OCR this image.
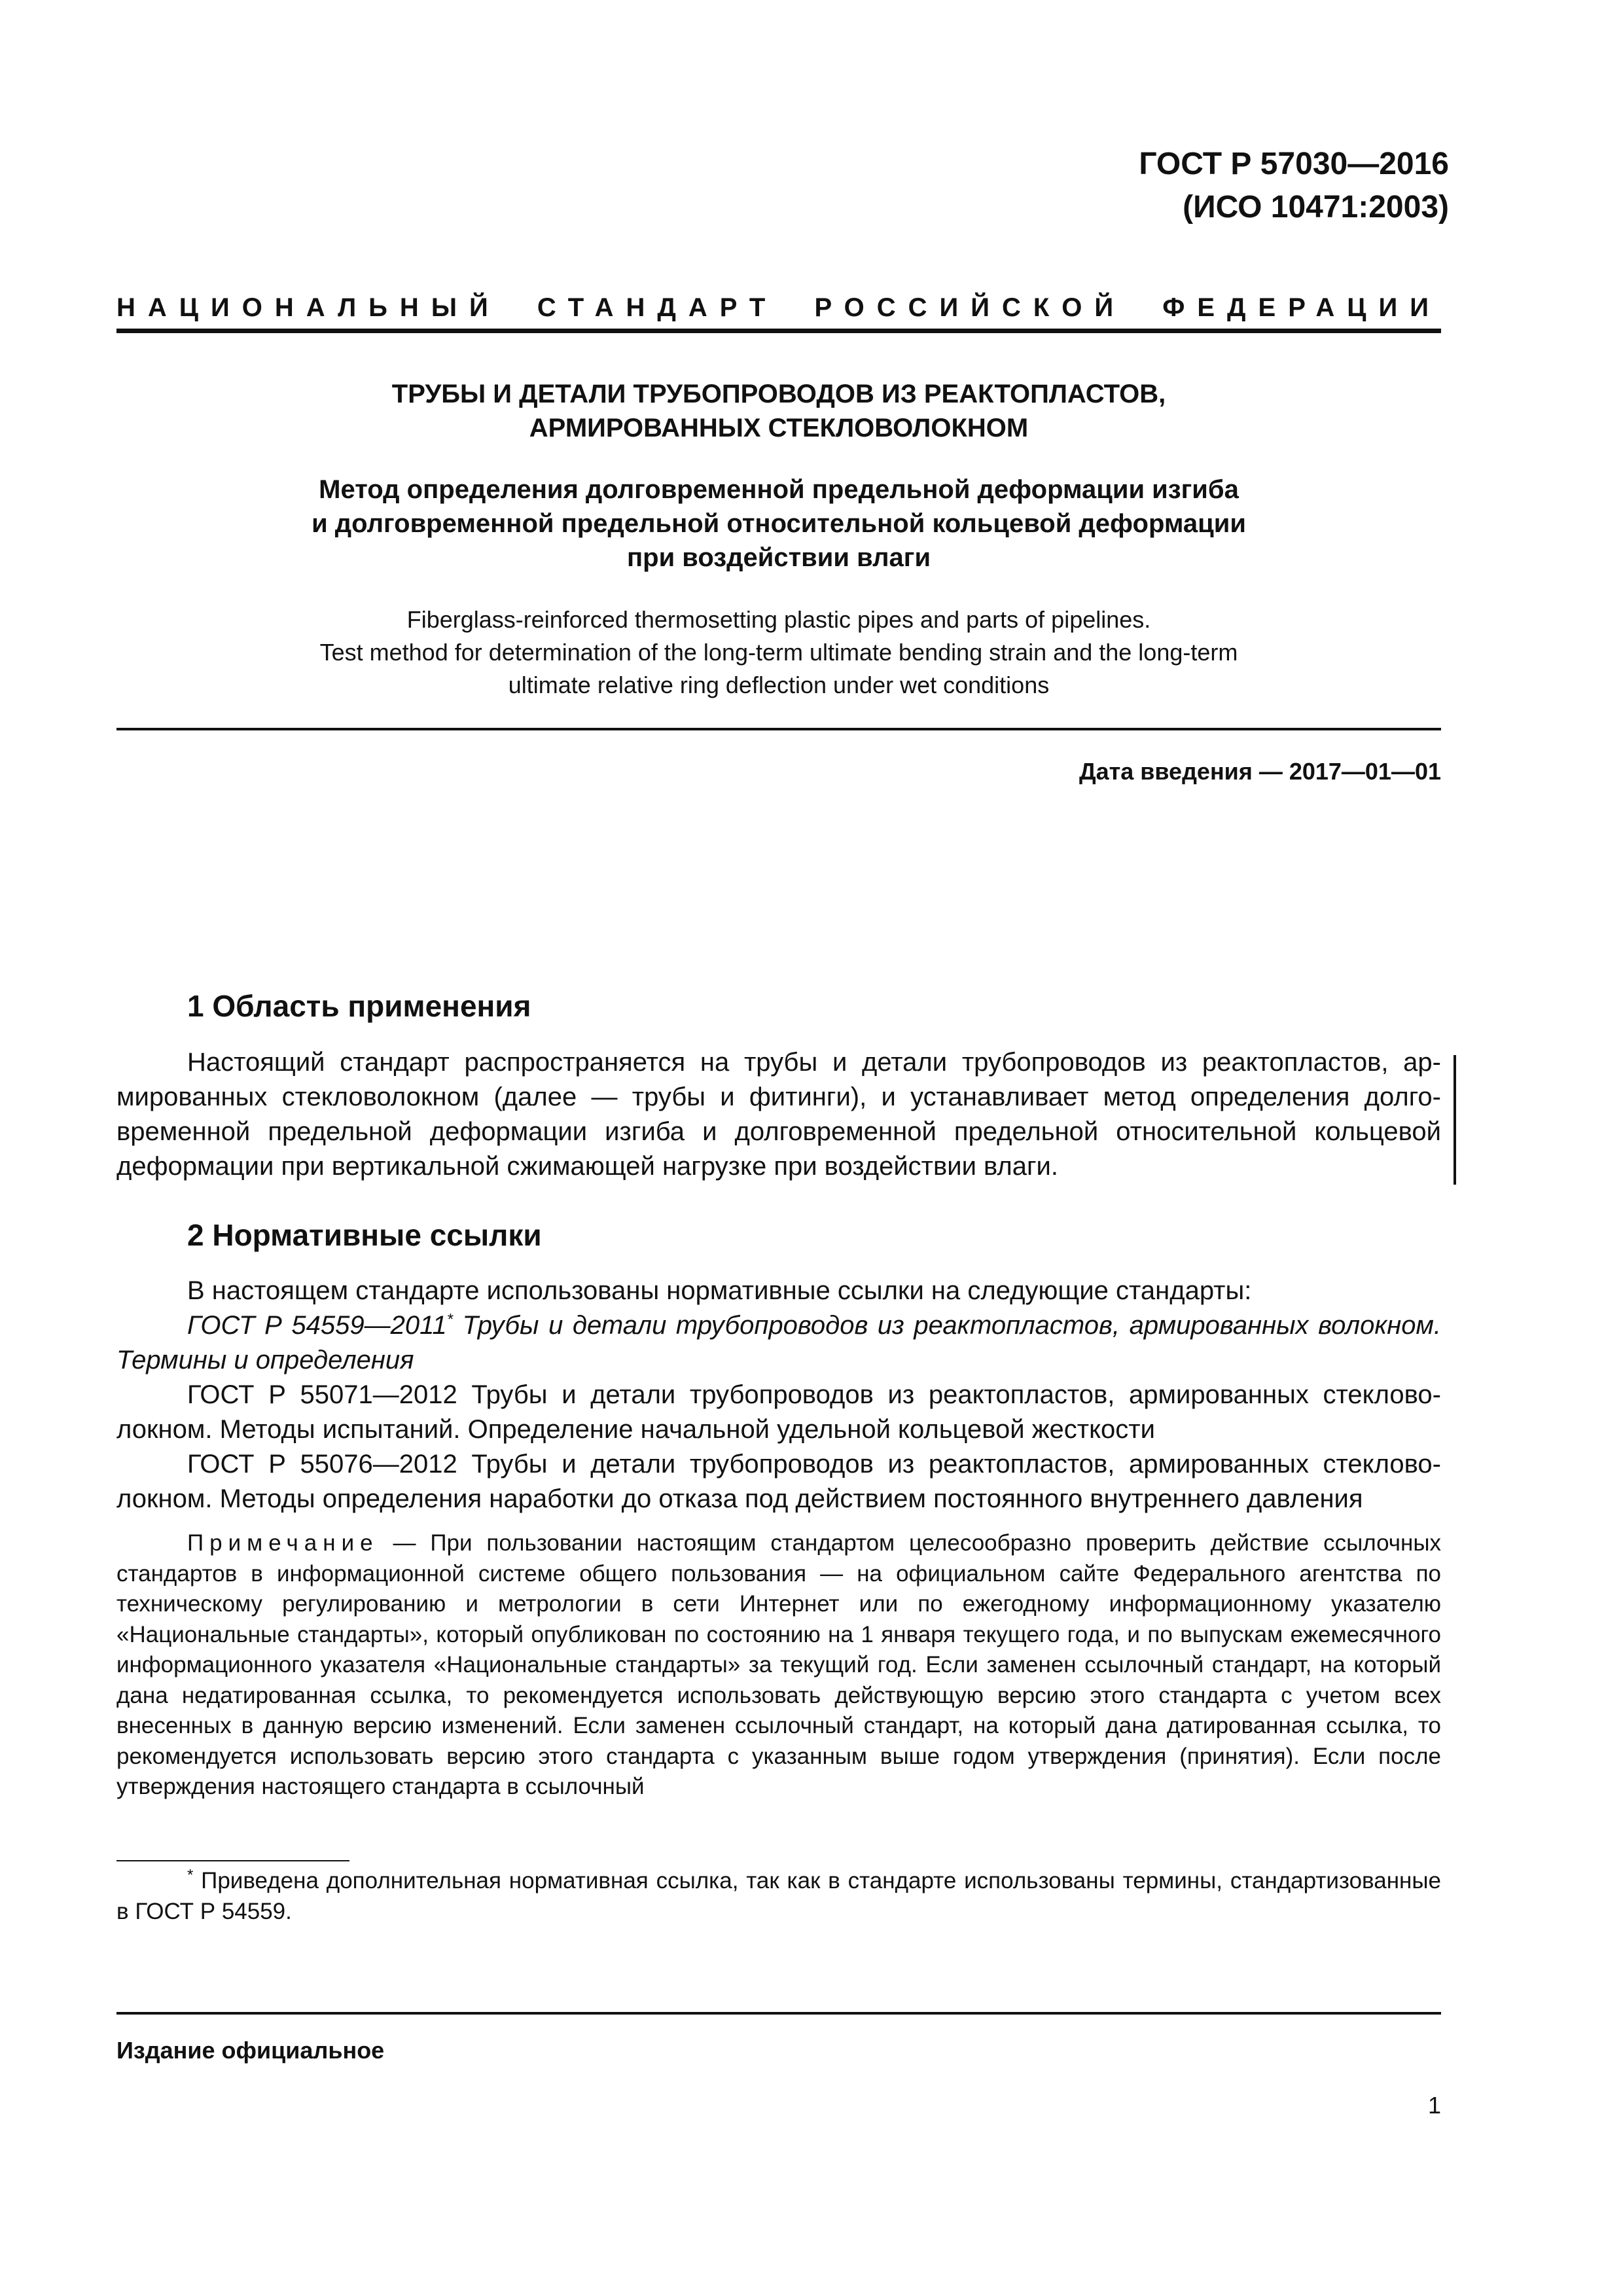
ГОСТ Р 57030—2016
(ИСО 10471:2003)
НАЦИОНАЛЬНЫЙ СТАНДАРТ РОССИЙСКОЙ ФЕДЕРАЦИИ
ТРУБЫ И ДЕТАЛИ ТРУБОПРОВОДОВ ИЗ РЕАКТОПЛАСТОВ,
АРМИРОВАННЫХ СТЕКЛОВОЛОКНОМ
Метод определения долговременной предельной деформации изгиба
и долговременной предельной относительной кольцевой деформации
при воздействии влаги
Fiberglass-reinforced thermosetting plastic pipes and parts of pipelines.
Test method for determination of the long-term ultimate bending strain and the long-term
ultimate relative ring deflection under wet conditions
Дата введения — 2017—01—01
1 Область применения

Настоящий стандарт распространяется на трубы и детали трубопроводов из реактопластов, армированных стекловолокном (далее — трубы и фитинги), и устанавливает метод определения долговременной предельной деформации изгиба и долговременной предельной относительной кольцевой деформации при вертикальной сжимающей нагрузке при воздействии влаги.

2 Нормативные ссылки

В настоящем стандарте использованы нормативные ссылки на следующие стандарты:

ГОСТ Р 54559—2011* Трубы и детали трубопроводов из реактопластов, армированных волокном. Термины и определения

ГОСТ Р 55071—2012 Трубы и детали трубопроводов из реактопластов, армированных стекловолокном. Методы испытаний. Определение начальной удельной кольцевой жесткости

ГОСТ Р 55076—2012 Трубы и детали трубопроводов из реактопластов, армированных стекловолокном. Методы определения наработки до отказа под действием постоянного внутреннего давления

Примечание — При пользовании настоящим стандартом целесообразно проверить действие ссылочных стандартов в информационной системе общего пользования — на официальном сайте Федерального агентства по техническому регулированию и метрологии в сети Интернет или по ежегодному информационному указателю «Национальные стандарты», который опубликован по состоянию на 1 января текущего года, и по выпускам ежемесячного информационного указателя «Национальные стандарты» за текущий год. Если заменен ссылочный стандарт, на который дана недатированная ссылка, то рекомендуется использовать действующую версию этого стандарта с учетом всех внесенных в данную версию изменений. Если заменен ссылочный стандарт, на который дана датированная ссылка, то рекомендуется использовать версию этого стандарта с указанным выше годом утверждения (принятия). Если после утверждения настоящего стандарта в ссылочный

* Приведена дополнительная нормативная ссылка, так как в стандарте использованы термины, стандартизованные в ГОСТ Р 54559.

Издание официальное
1
